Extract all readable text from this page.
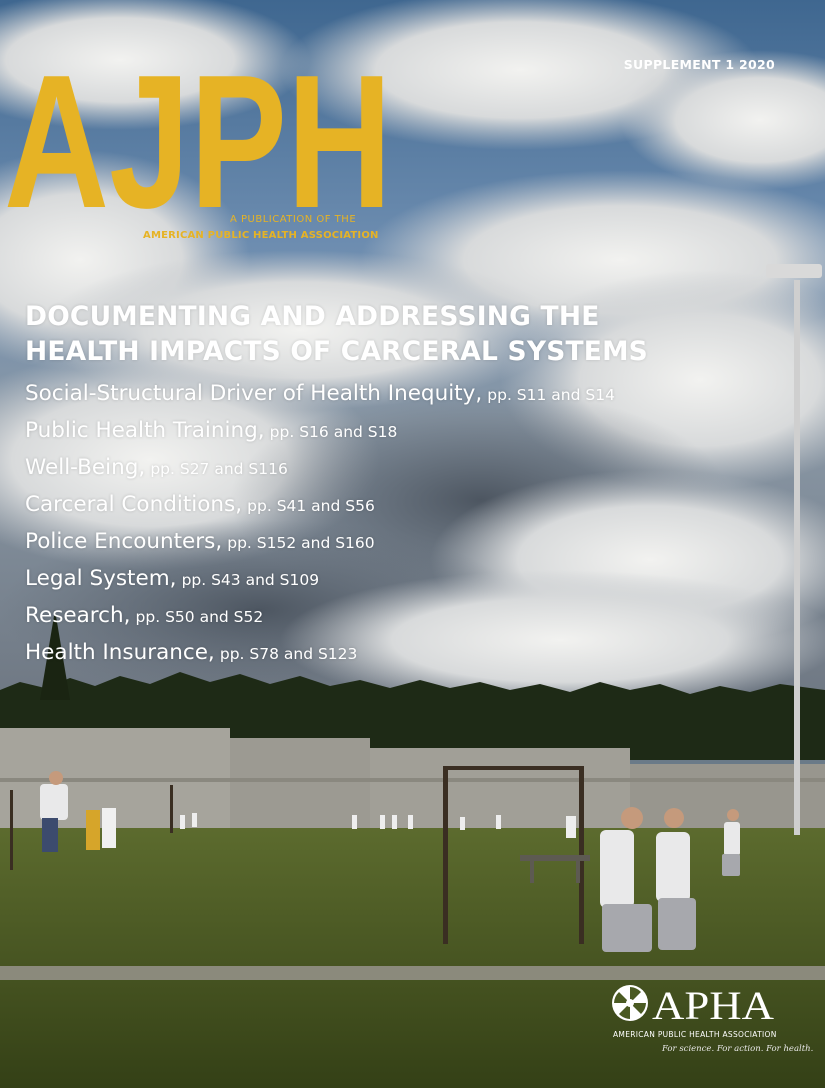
SUPPLEMENT 1 2020
AJPH
A PUBLICATION OF THE
AMERICAN PUBLIC HEALTH ASSOCIATION
DOCUMENTING AND ADDRESSING THE
HEALTH IMPACTS OF CARCERAL SYSTEMS
Social-Structural Driver of Health Inequity, pp. S11 and S14
Public Health Training, pp. S16 and S18
Well-Being, pp. S27 and S116
Carceral Conditions, pp. S41 and S56
Police Encounters, pp. S152 and S160
Legal System, pp. S43 and S109
Research, pp. S50 and S52
Health Insurance, pp. S78 and S123
APHA
AMERICAN PUBLIC HEALTH ASSOCIATION
For science. For action. For health.
